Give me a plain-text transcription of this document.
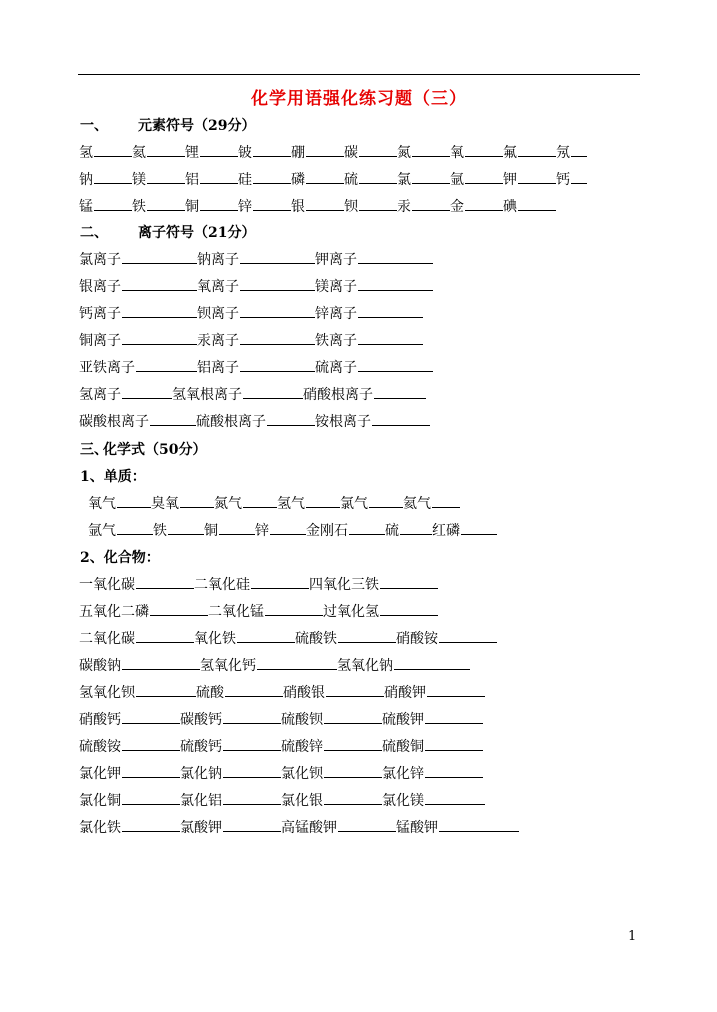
化学用语强化练习题（三）
一、 元素符号（29分）
氢	氦	锂	铍	硼	碳	氮	氧	氟	氖
钠	镁	铝	硅	磷	硫	氯	氩	钾	钙
锰	铁	铜	锌	银	钡	汞	金	碘
二、 离子符号（21分）
氯离子	钠离子	钾离子
银离子	氧离子	镁离子
钙离子	钡离子	锌离子
铜离子	汞离子	铁离子
亚铁离子	铝离子	硫离子
氢离子	氢氧根离子	硝酸根离子
碳酸根离子	硫酸根离子	铵根离子
三、化学式（50分）
1、单质：
氧气	臭氧	氮气	氢气	氯气	氦气
氩气	铁	铜	锌	金刚石	硫 红磷
2、化合物：
一氧化碳	二氧化硅	四氧化三铁
五氧化二磷	二氧化锰	过氧化氢
二氧化碳	氧化铁	硫酸铁	硝酸铵
碳酸钠	氢氧化钙	氢氧化钠
氢氧化钡	硫酸	硝酸银	硝酸钾
硝酸钙	碳酸钙	硫酸钡	硫酸钾
硫酸铵	硫酸钙	硫酸锌	硫酸铜
氯化钾	氯化钠	氯化钡	氯化锌
氯化铜	氯化铝	氯化银	氯化镁
氯化铁	氯酸钾	高锰酸钾	锰酸钾
1
